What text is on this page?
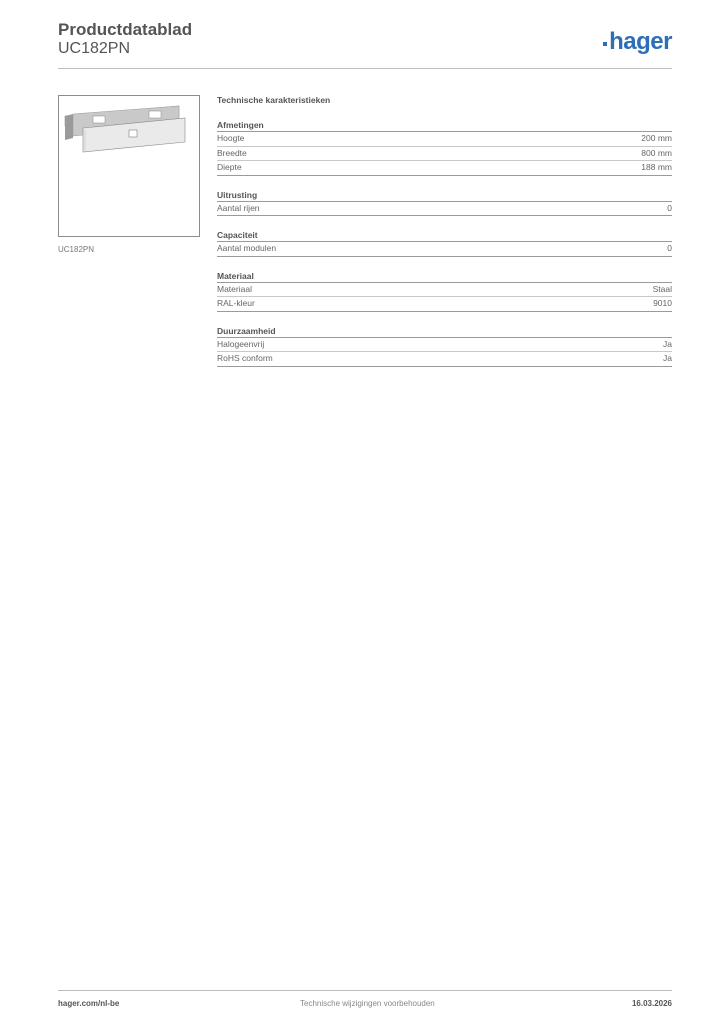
Productdatablad
UC182PN	hager
UC182PN
Technische karakteristieken
Afmetingen
Hoogte	200 mm
Breedte	800 mm
Diepte	188 mm
Uitrusting
Aantal rijen	0
Capaciteit
Aantal modulen	0
Materiaal
Materiaal	Staal
RAL-kleur	9010
Duurzaamheid
Halogeenvrij	Ja
RoHS conform	Ja
hager.com/nl-be	Technische wijzigingen voorbehouden	16.03.2026
